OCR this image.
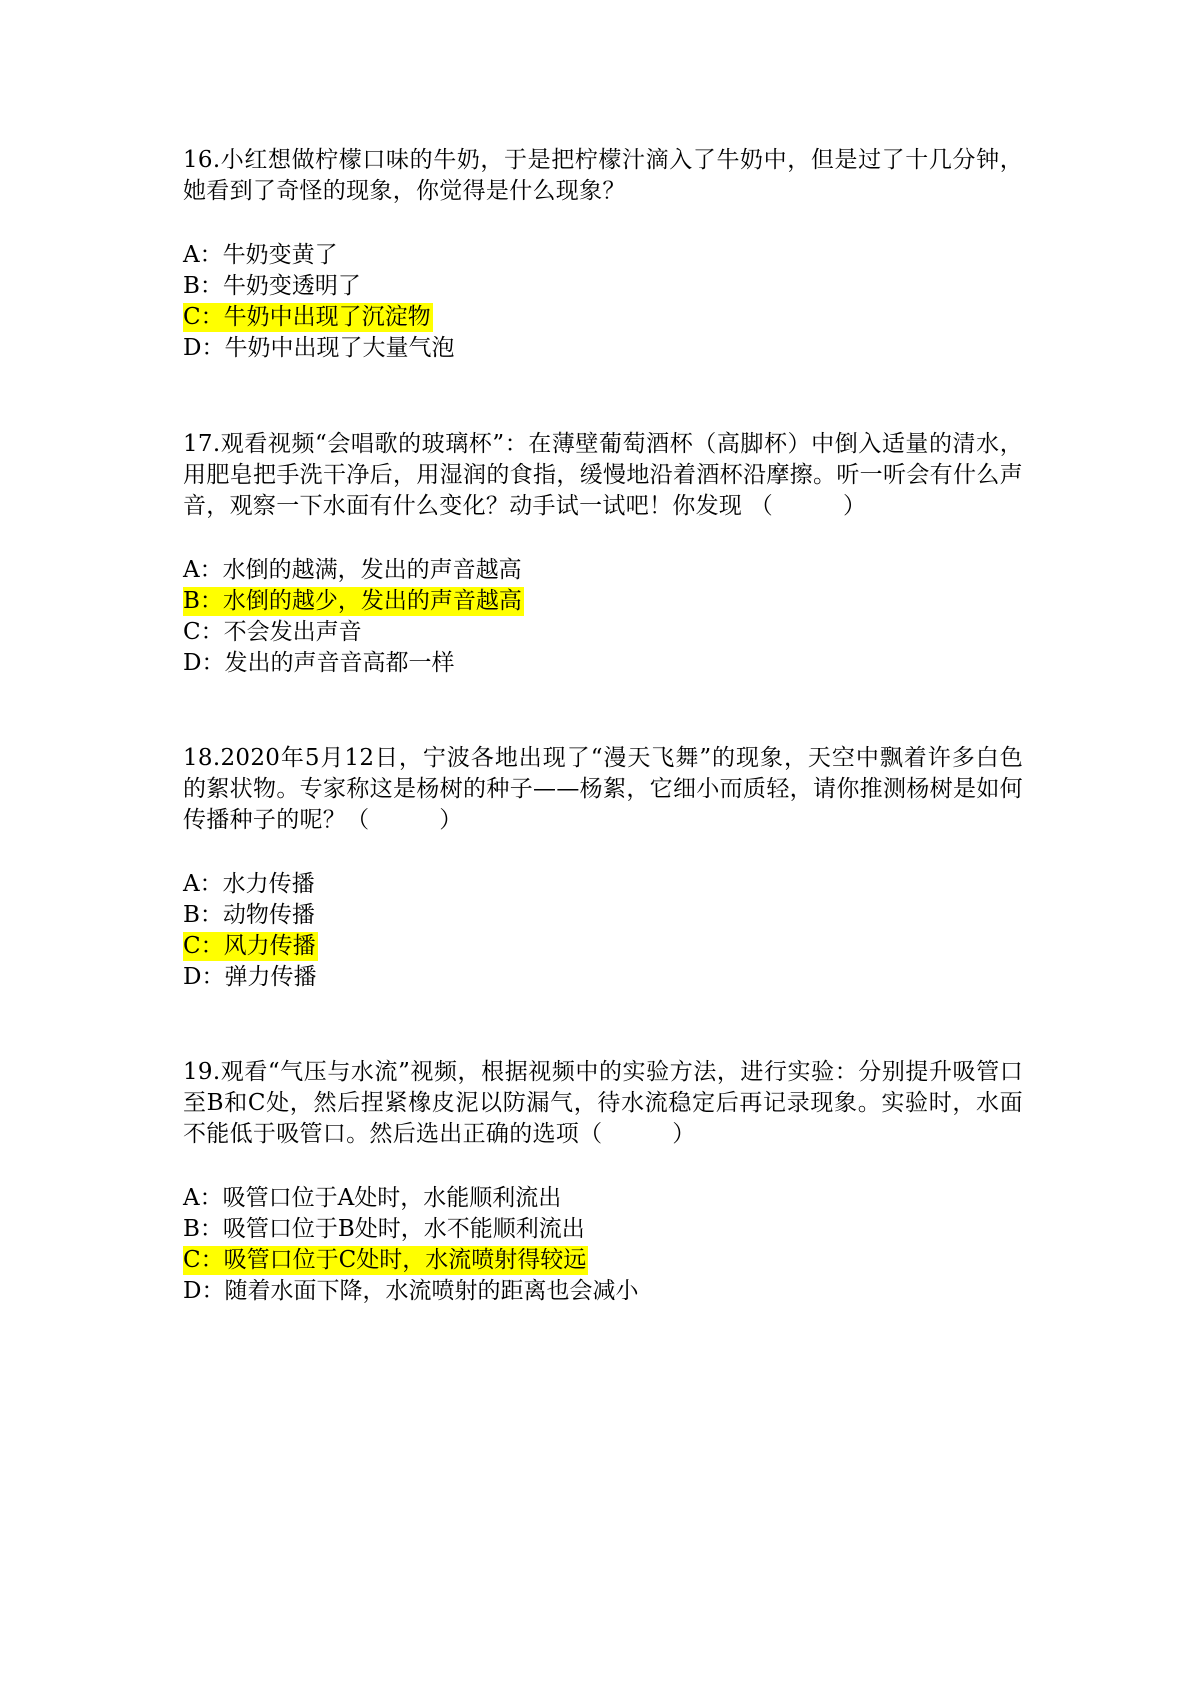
16.小红想做柠檬口味的牛奶，于是把柠檬汁滴入了牛奶中，但是过了十几分钟，她看到了奇怪的现象，你觉得是什么现象？

A：牛奶变黄了
B：牛奶变透明了
C：牛奶中出现了沉淀物
D：牛奶中出现了大量气泡

17.观看视频“会唱歌的玻璃杯”：在薄壁葡萄酒杯（高脚杯）中倒入适量的清水，用肥皂把手洗干净后，用湿润的食指，缓慢地沿着酒杯沿摩擦。听一听会有什么声音，观察一下水面有什么变化？动手试一试吧！你发现 （　　　）

A：水倒的越满，发出的声音越高
B：水倒的越少，发出的声音越高
C：不会发出声音
D：发出的声音音高都一样

18.2020年5月12日，宁波各地出现了“漫天飞舞”的现象，天空中飘着许多白色的絮状物。专家称这是杨树的种子——杨絮，它细小而质轻，请你推测杨树是如何传播种子的呢？（　　　）

A：水力传播
B：动物传播
C：风力传播
D：弹力传播

19.观看“气压与水流”视频，根据视频中的实验方法，进行实验：分别提升吸管口至B和C处，然后捏紧橡皮泥以防漏气，待水流稳定后再记录现象。实验时，水面不能低于吸管口。然后选出正确的选项（　　　）

A：吸管口位于A处时，水能顺利流出
B：吸管口位于B处时，水不能顺利流出
C：吸管口位于C处时，水流喷射得较远
D：随着水面下降，水流喷射的距离也会减小
